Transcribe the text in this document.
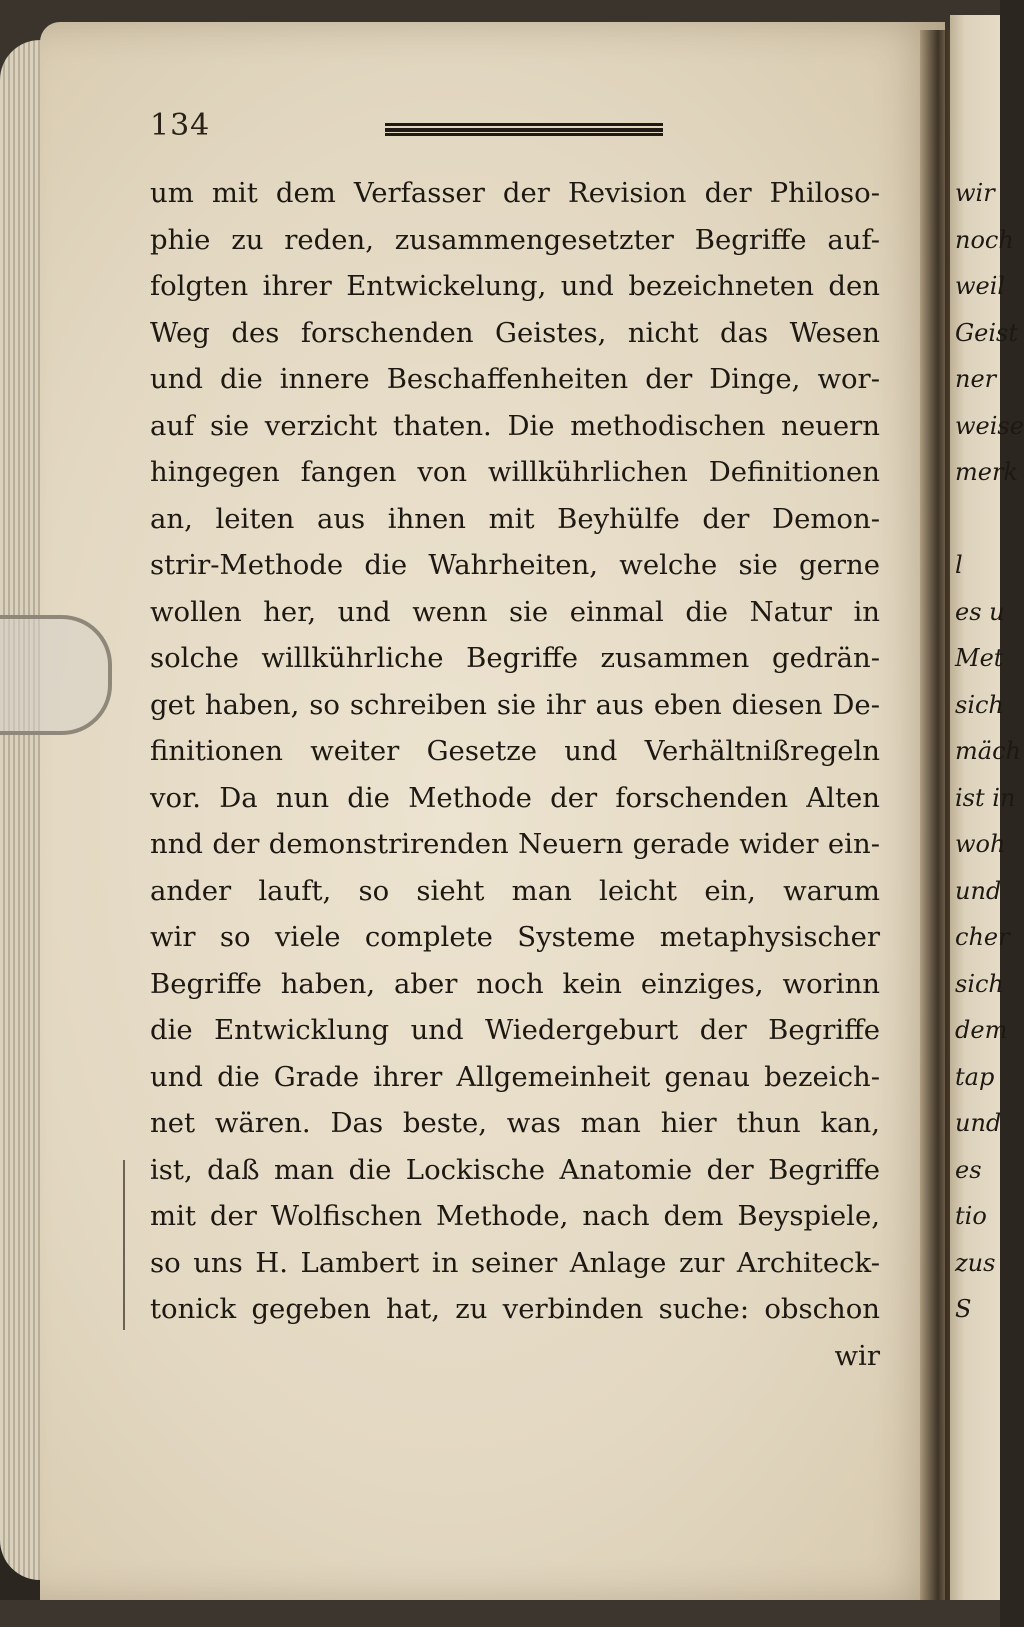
134
um mit dem Verfasser der Revision der Philoso-
phie zu reden, zusammengesetzter Begriffe auf-
folgten ihrer Entwickelung, und bezeichneten den
Weg des forschenden Geistes, nicht das Wesen
und die innere Beschaffenheiten der Dinge, wor-
auf sie verzicht thaten. Die methodischen neuern
hingegen fangen von willkührlichen Definitionen
an, leiten aus ihnen mit Beyhülfe der Demon-
strir-Methode die Wahrheiten, welche sie gerne
wollen her, und wenn sie einmal die Natur in
solche willkührliche Begriffe zusammen gedrän-
get haben, so schreiben sie ihr aus eben diesen De-
finitionen weiter Gesetze und Verhältnißregeln
vor. Da nun die Methode der forschenden Alten
nnd der demonstrirenden Neuern gerade wider ein-
ander lauft, so sieht man leicht ein, warum
wir so viele complete Systeme metaphysischer
Begriffe haben, aber noch kein einziges, worinn
die Entwicklung und Wiedergeburt der Begriffe
und die Grade ihrer Allgemeinheit genau bezeich-
net wären. Das beste, was man hier thun kan,
ist, daß man die Lockische Anatomie der Begriffe
mit der Wolfischen Methode, nach dem Beyspiele,
so uns H. Lambert in seiner Anlage zur Architeck-
tonick gegeben hat, zu verbinden suche: obschon
wir
wir
noch
weil
Geist
ner
weise
merk
l
es u
Met
sich
mäch
ist in
woh
und
cher
sich
dem
tap
und
es
tio
zus
S
